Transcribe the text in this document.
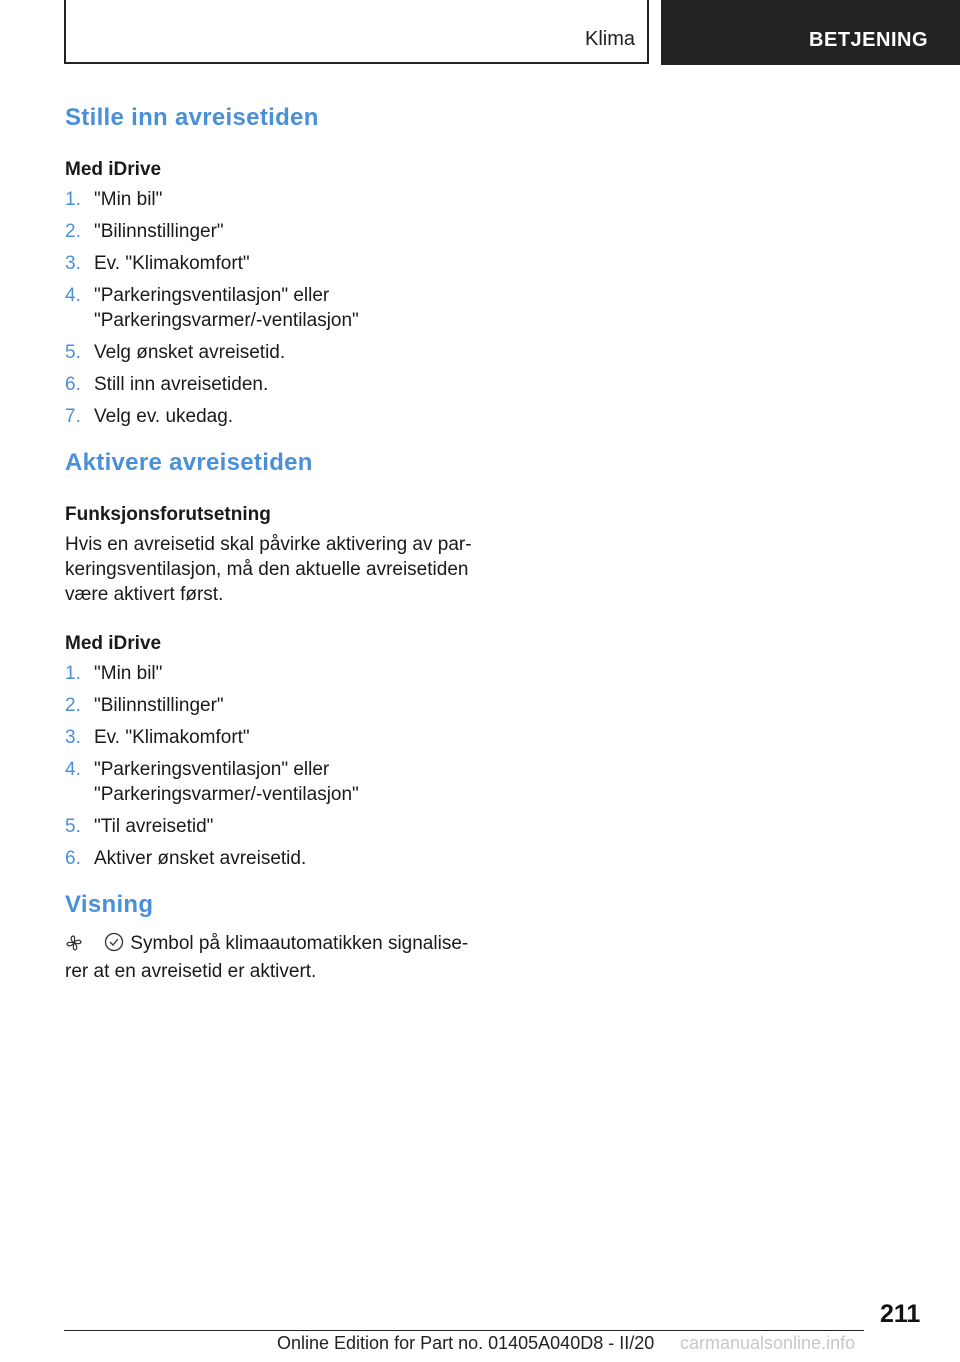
Klima	BETJENING
Stille inn avreisetiden
Med iDrive
1. "Min bil"
2. "Bilinnstillinger"
3. Ev. "Klimakomfort"
4. "Parkeringsventilasjon" eller
"Parkeringsvarmer/-ventilasjon"
5. Velg ønsket avreisetid.
6. Still inn avreisetiden.
7. Velg ev. ukedag.
Aktivere avreisetiden
Funksjonsforutsetning

Hvis en avreisetid skal påvirke aktivering av par-
keringsventilasjon, må den aktuelle avreisetiden
være aktivert først.

Med iDrive
1. "Min bil"
2. "Bilinnstillinger"
3. Ev. "Klimakomfort"
4. "Parkeringsventilasjon" eller
"Parkeringsvarmer/-ventilasjon"
5. "Til avreisetid"
6. Aktiver ønsket avreisetid.
Visning
Symbol på klimaautomatikken signalise-
rer at en avreisetid er aktivert.
211
Online Edition for Part no. 01405A040D8 - II/20 carmanualsonline.info
